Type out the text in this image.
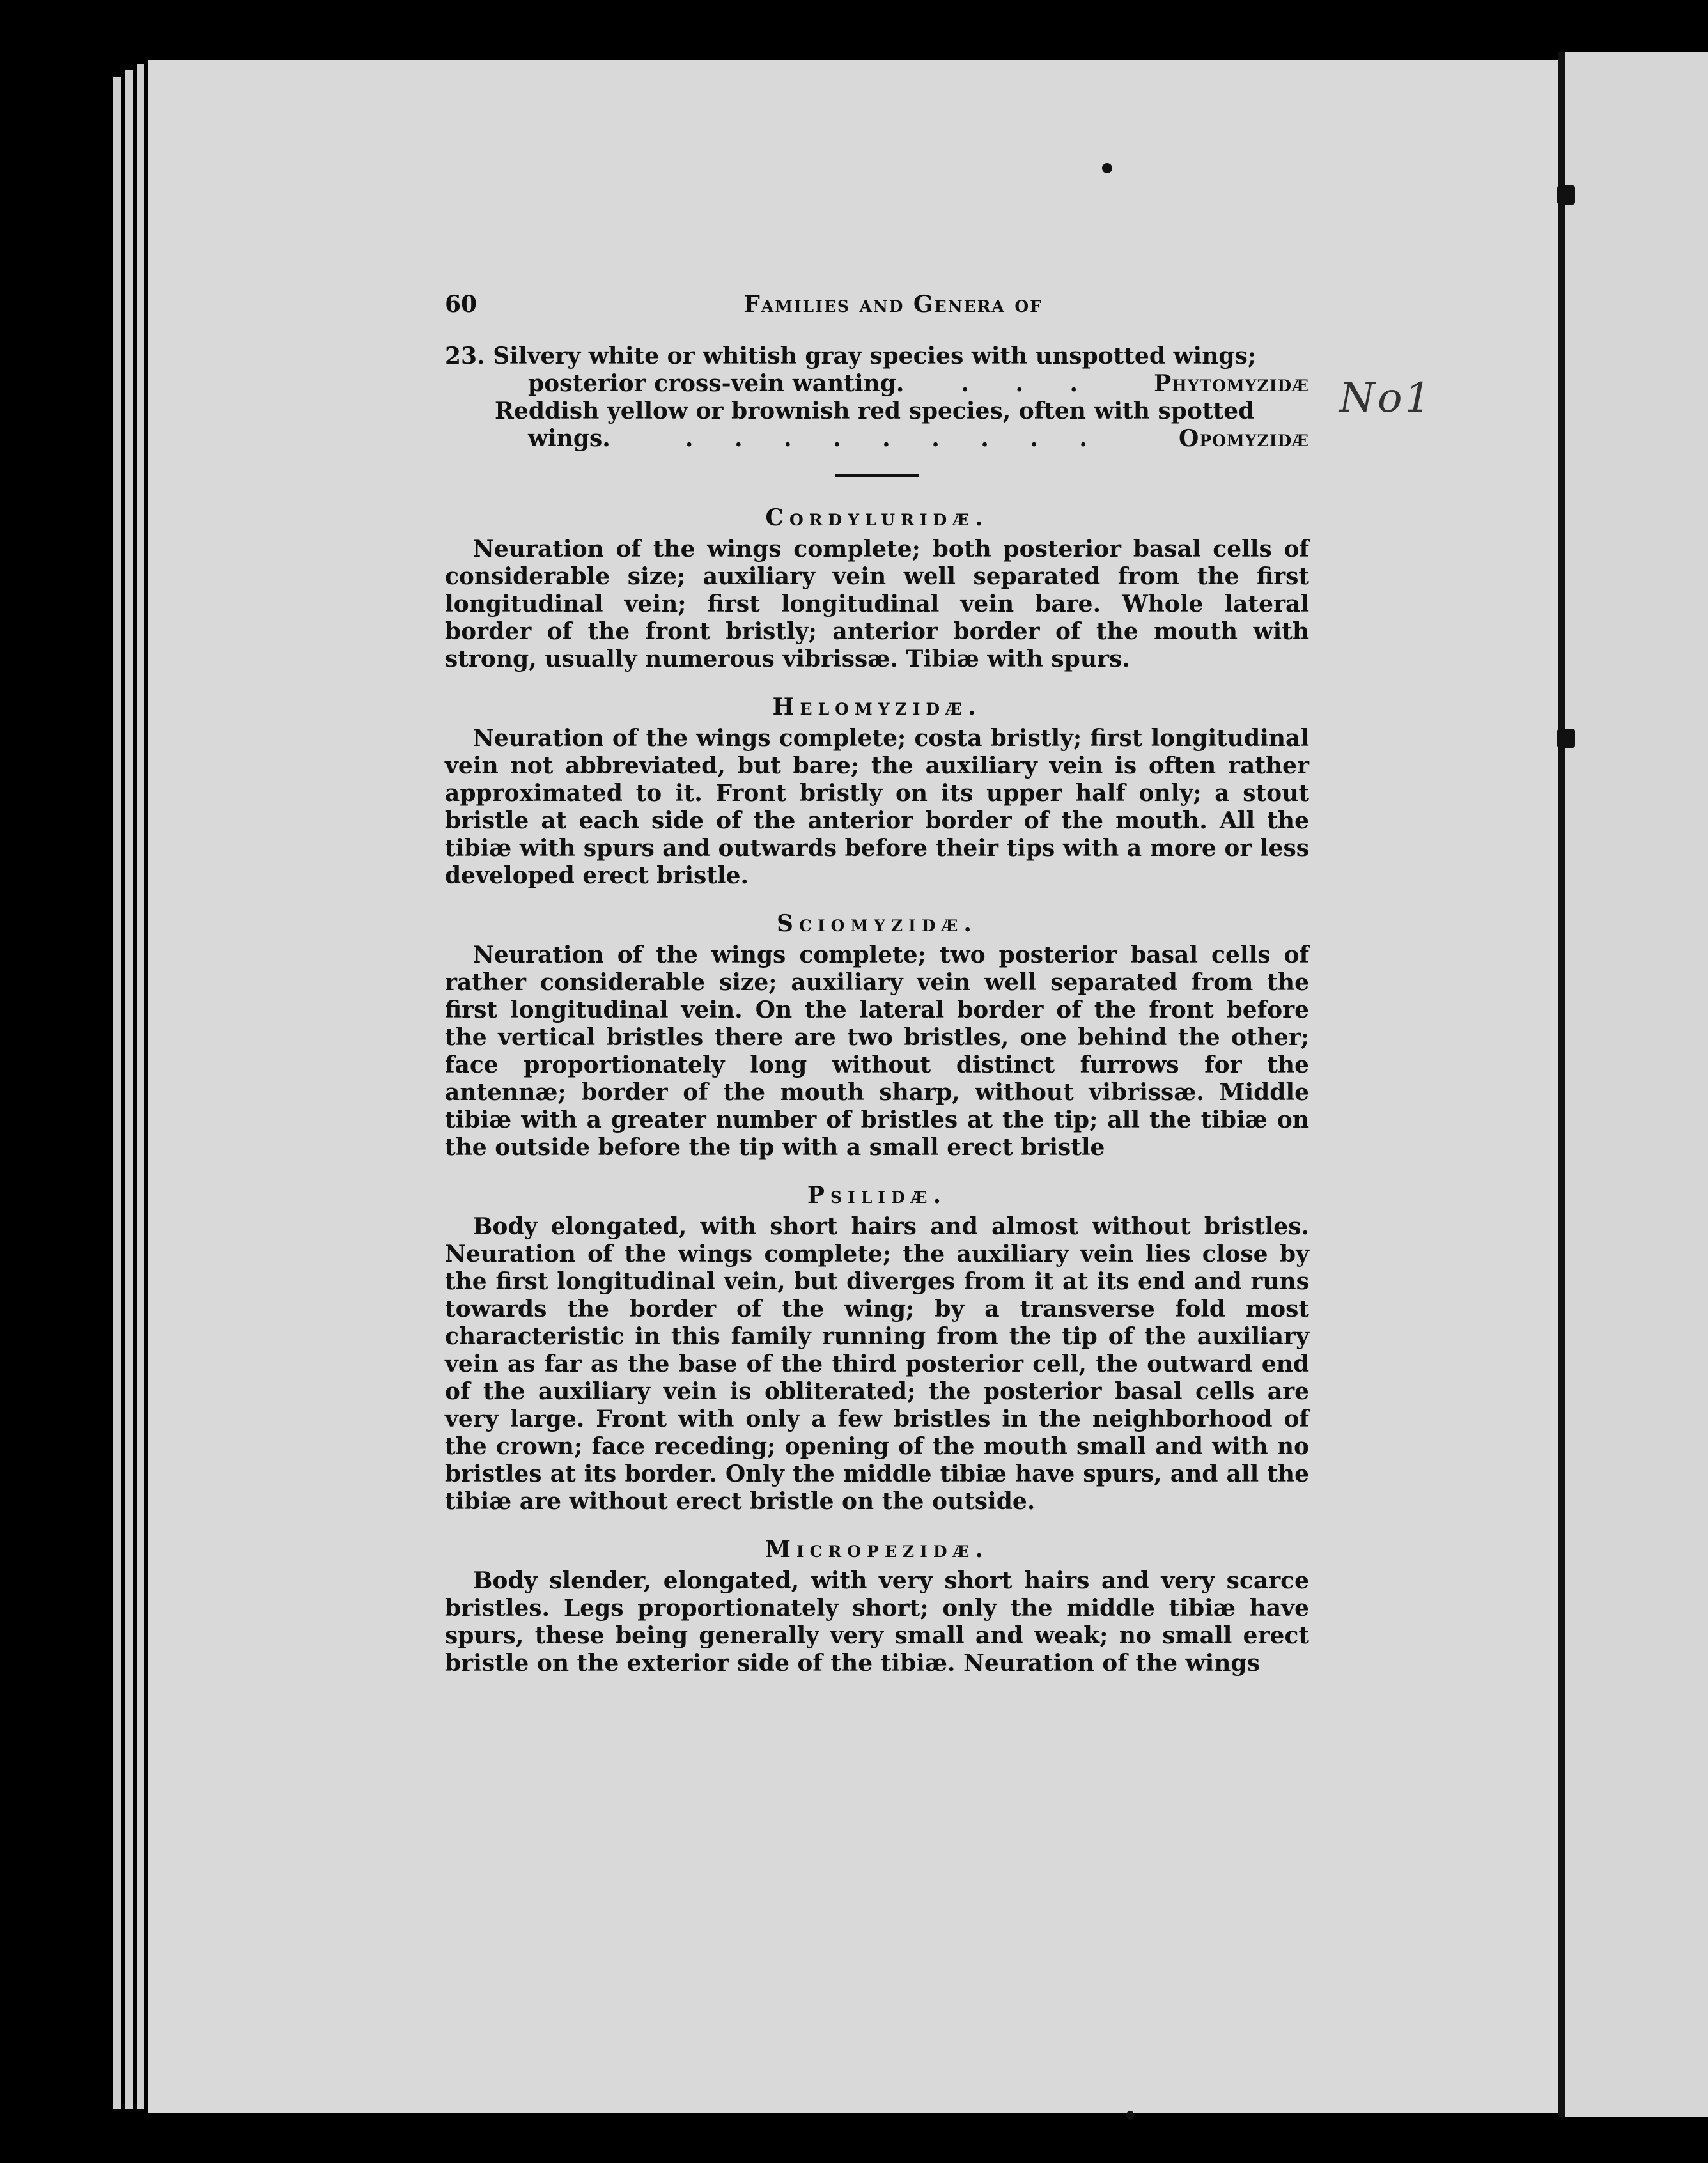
No1
60	Families and Genera of
23. Silvery white or whitish gray species with unspotted wings;
posterior cross-vein wanting. . . . Phytomyzidæ
Reddish yellow or brownish red species, often with spotted
wings.	. . . . . . . . .	Opomyzidæ
Cordyluridæ.

Neuration of the wings complete; both posterior basal cells of considerable size; auxiliary vein well separated from the first longitudinal vein; first longitudinal vein bare. Whole lateral border of the front bristly; anterior border of the mouth with strong, usually numerous vibrissæ. Tibiæ with spurs.

Helomyzidæ.

Neuration of the wings complete; costa bristly; first longitudinal vein not abbreviated, but bare; the auxiliary vein is often rather approximated to it. Front bristly on its upper half only; a stout bristle at each side of the anterior border of the mouth. All the tibiæ with spurs and outwards before their tips with a more or less developed erect bristle.

Sciomyzidæ.

Neuration of the wings complete; two posterior basal cells of rather considerable size; auxiliary vein well separated from the first longitudinal vein. On the lateral border of the front before the vertical bristles there are two bristles, one behind the other; face proportionately long without distinct furrows for the antennæ; border of the mouth sharp, without vibrissæ. Middle tibiæ with a greater number of bristles at the tip; all the tibiæ on the outside before the tip with a small erect bristle

Psilidæ.

Body elongated, with short hairs and almost without bristles. Neuration of the wings complete; the auxiliary vein lies close by the first longitudinal vein, but diverges from it at its end and runs towards the border of the wing; by a transverse fold most characteristic in this family running from the tip of the auxiliary vein as far as the base of the third posterior cell, the outward end of the auxiliary vein is obliterated; the posterior basal cells are very large. Front with only a few bristles in the neighborhood of the crown; face receding; opening of the mouth small and with no bristles at its border. Only the middle tibiæ have spurs, and all the tibiæ are without erect bristle on the outside.

Micropezidæ.

Body slender, elongated, with very short hairs and very scarce bristles. Legs proportionately short; only the middle tibiæ have spurs, these being generally very small and weak; no small erect bristle on the exterior side of the tibiæ. Neuration of the wings
